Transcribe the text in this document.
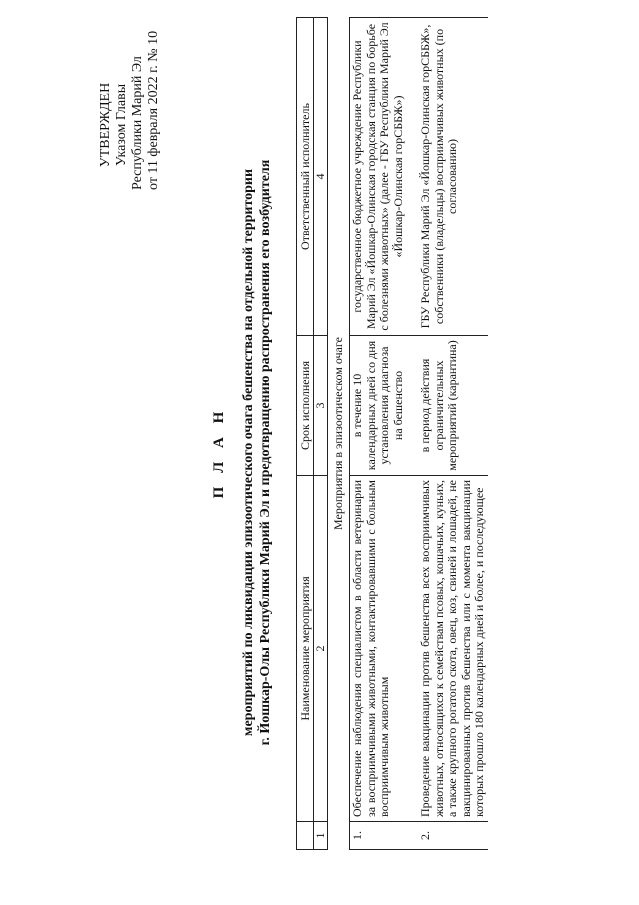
УТВЕРЖДЕН Указом Главы Республики Марий Эл от 11 февраля 2022 г. № 10
П Л А Н мероприятий по ликвидации эпизоотического очага бешенства на отдельной территории г. Йошкар-Олы Республики Марий Эл и предотвращению распространения его возбудителя
	Наименование мероприятия	Срок исполнения	Ответственный исполнитель
1	2	3	4
Мероприятия в эпизоотическом очаге			
1.	Обеспечение наблюдения специалистом в области ветеринарии за восприимчивыми животными, контактировавшими с больным восприимчивым животным	в течение 10 календарных дней со дня установления диагноза на бешенство	государственное бюджетное учреждение Республики Марий Эл «Йошкар-Олинская городская станция по борьбе с болезнями животных» (далее - ГБУ Республики Марий Эл «Йошкар-Олинская горСББЖ»)

2.	Проведение вакцинации против бешенства всех восприимчивых животных, относящихся к семействам псовых, кошачьих, куньих, а также крупного рогатого скота, овец, коз, свиней и лошадей, не вакцинированных против бешенства или с момента вакцинации которых прошло 180 календарных дней и более, и последующее	в период действия ограничительных мероприятий (карантина)	ГБУ Республики Марий Эл «Йошкар-Олинская горСББЖ», собственники (владельцы) восприимчивых животных (по согласованию)
